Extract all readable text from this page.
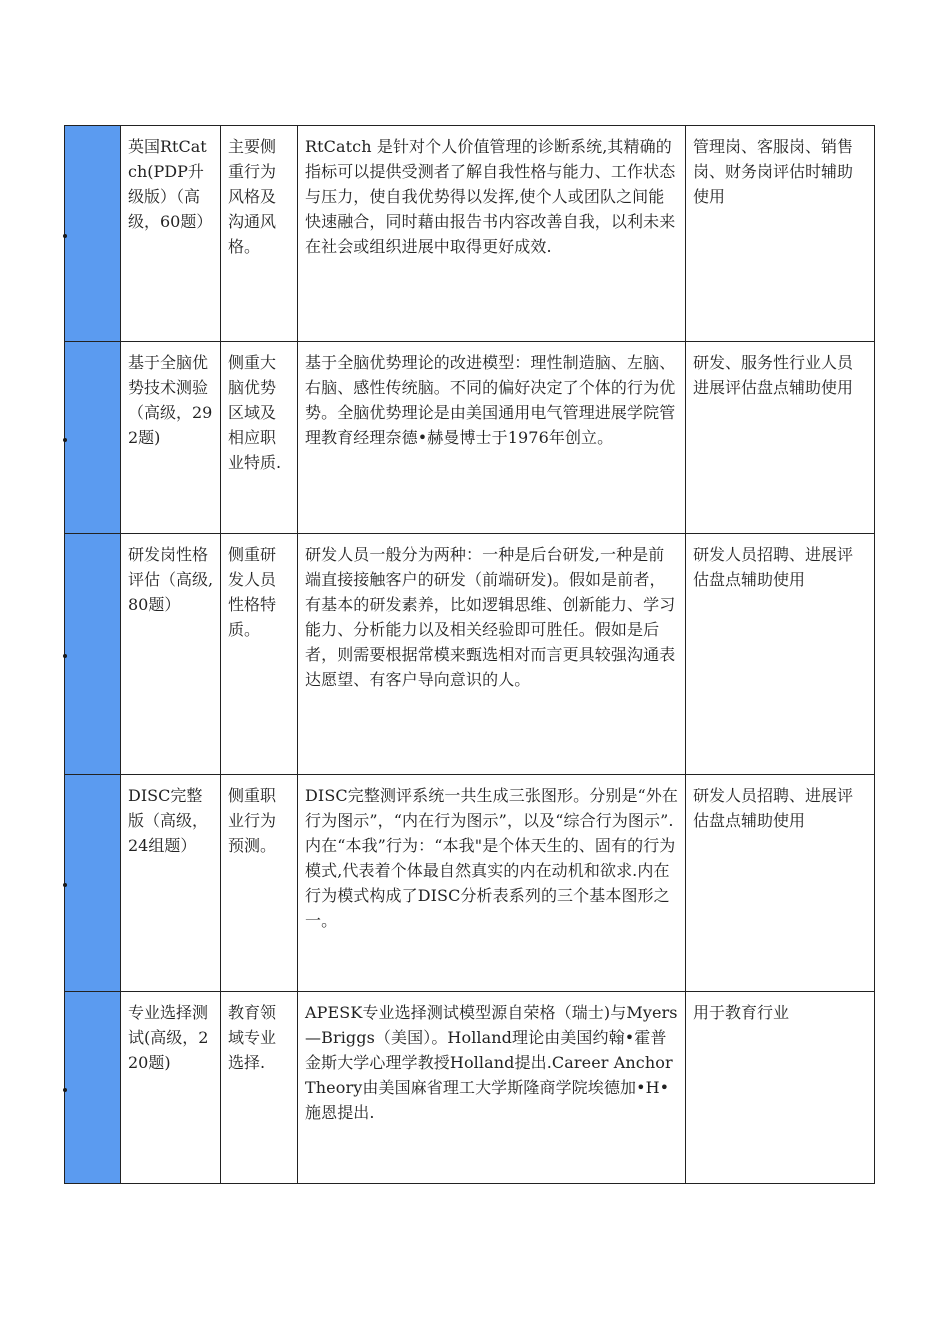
	英国RtCatch(PDP升级版）（高级，60题）	主要侧重行为风格及沟通风格。	RtCatch 是针对个人价值管理的诊断系统,其精确的指标可以提供受测者了解自我性格与能力、工作状态与压力，使自我优势得以发挥,使个人或团队之间能快速融合，同时藉由报告书内容改善自我，以利未来在社会或组织进展中取得更好成效.	管理岗、客服岗、销售岗、财务岗评估时辅助使用

	基于全脑优势技术测验（高级，292题)	侧重大脑优势区域及相应职业特质.	基于全脑优势理论的改进模型：理性制造脑、左脑、右脑、感性传统脑。不同的偏好决定了个体的行为优势。全脑优势理论是由美国通用电气管理进展学院管理教育经理奈德•赫曼博士于1976年创立。	研发、服务性行业人员进展评估盘点辅助使用

	研发岗性格评估（高级,80题）	侧重研发人员性格特质。	研发人员一般分为两种：一种是后台研发,一种是前端直接接触客户的研发（前端研发)。假如是前者，有基本的研发素养，比如逻辑思维、创新能力、学习能力、分析能力以及相关经验即可胜任。假如是后者，则需要根据常模来甄选相对而言更具较强沟通表达愿望、有客户导向意识的人。	研发人员招聘、进展评估盘点辅助使用

	DISC完整版（高级，24组题）	侧重职业行为预测。	DISC完整测评系统一共生成三张图形。分别是“外在行为图示”，“内在行为图示”，以及“综合行为图示”.内在“本我”行为：“本我"是个体天生的、固有的行为模式,代表着个体最自然真实的内在动机和欲求.内在行为模式构成了DISC分析表系列的三个基本图形之一。	研发人员招聘、进展评估盘点辅助使用

	专业选择测试(高级，220题)	教育领域专业选择.	APESK专业选择测试模型源自荣格（瑞士)与Myers—Briggs（美国）。Holland理论由美国约翰•霍普金斯大学心理学教授Holland提出.Career Anchor Theory由美国麻省理工大学斯隆商学院埃德加•H•施恩提出.	用于教育行业
